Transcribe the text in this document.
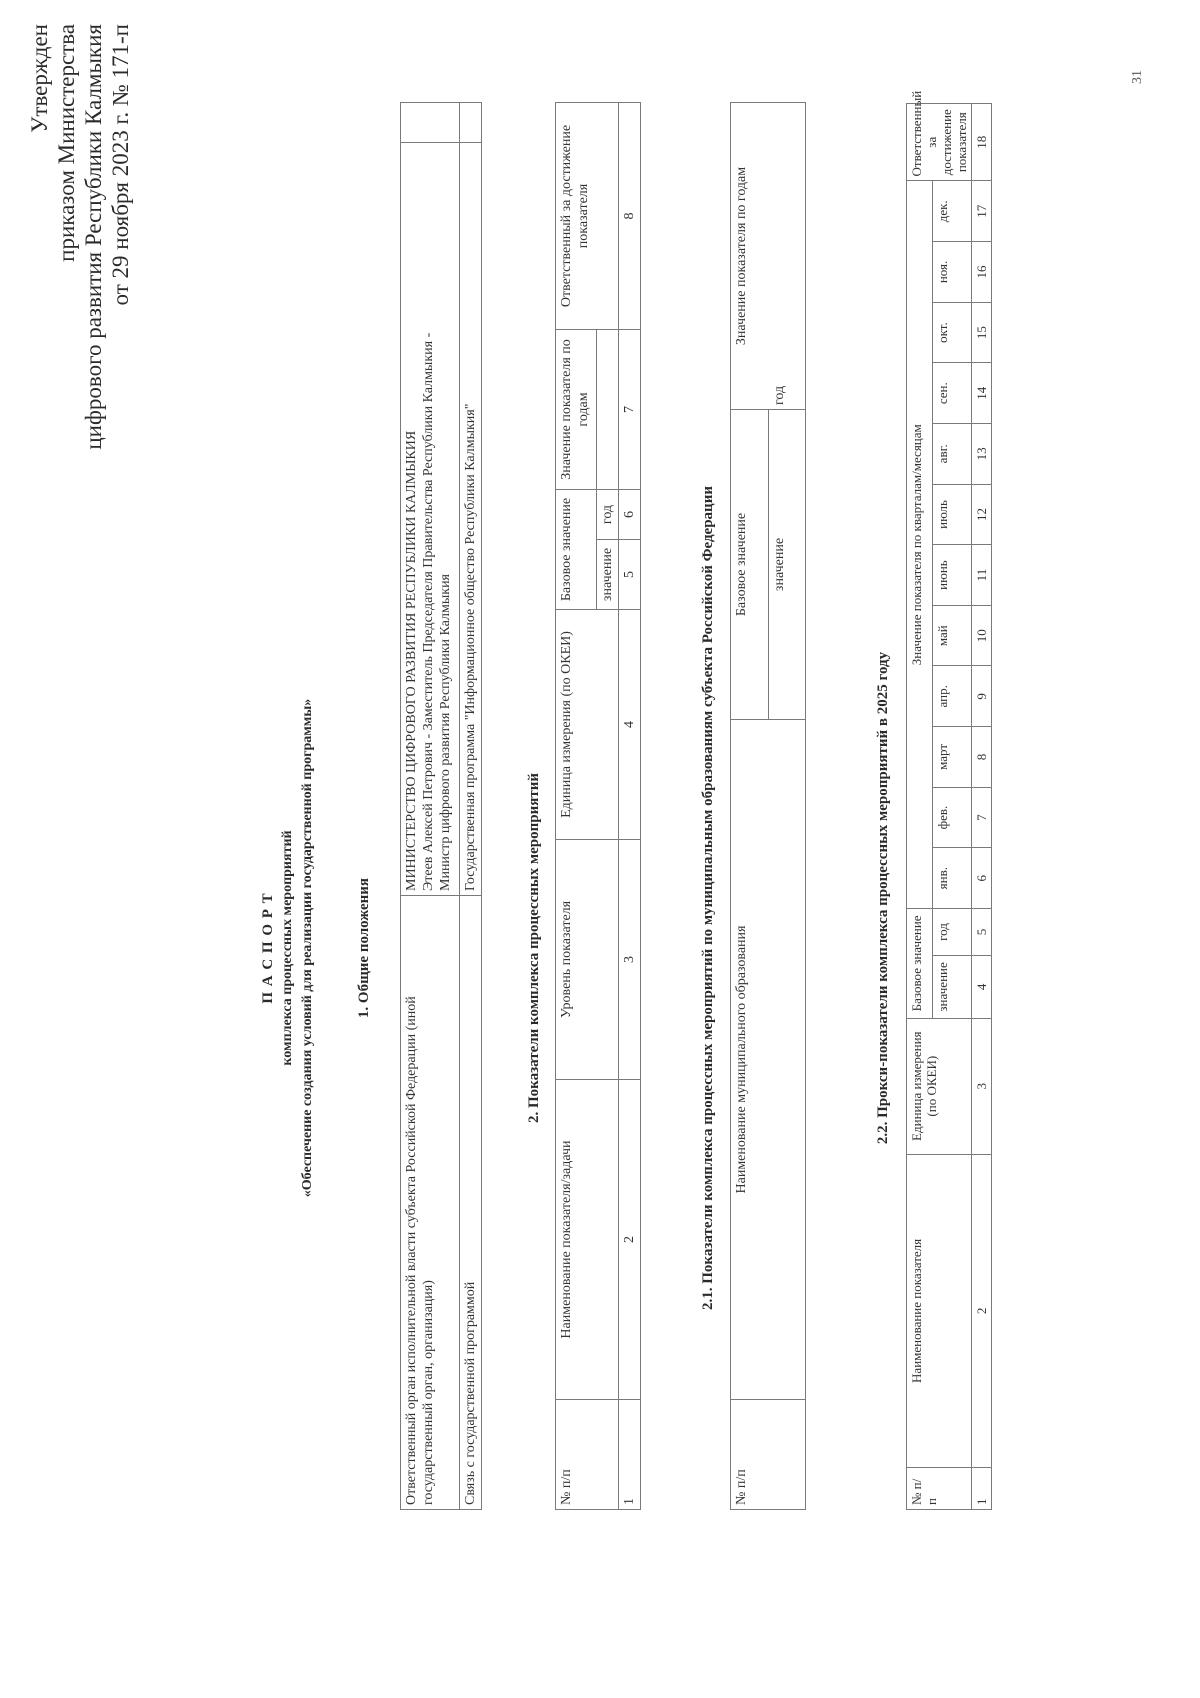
Утвержден приказом Министерства цифрового развития Республики Калмыкия от 29 ноября 2023 г. № 171-п
П А С П О Р Т комплекса процессных мероприятий «Обеспечение создания условий для реализации государственной программы»	1. Общие положения
Ответственный орган исполнительной власти субъекта Российской Федерации (иной государственный орган, организация)	МИНИСТЕРСТВО ЦИФРОВОГО РАЗВИТИЯ РЕСПУБЛИКИ КАЛМЫКИЯ Этеев Алексей Петрович - Заместитель Председателя Правительства Республики Калмыкия - Министр цифрового развития Республики Калмыкия	

Связь с государственной программой	Государственная программа "Информационное общество Республики Калмыкия"	
2. Показатели комплекса процессных мероприятий
№ п/п	Наименование показателя/задачи	Уровень показателя	Единица измерения (по ОКЕИ)	Базовое значение		Значение показателя по годам	Ответственный за достижение показателя
				значение	год		
1	2	3	4	5	6	7	8
2.1. Показатели комплекса процессных мероприятий по муниципальным образованиям субъекта Российской Федерации
№ п/п	Наименование муниципального образования	Базовое значение	Значение показателя по годам
		значение	год
2.2. Прокси-показатели комплекса процессных мероприятий в 2025 году
№ п/п	Наименование показателя	Единица измерения (по ОКЕИ)	Базовое значение		Значение показателя по кварталам/месяцам												Ответственный за достижение показателя
			значение	год	янв.	фев.	март	апр.	май	июнь	июль	авг.	сен.	окт.	ноя.	дек.	
1	2	3	4	5	6	7	8	9	10	11	12	13	14	15	16	17	18
31
